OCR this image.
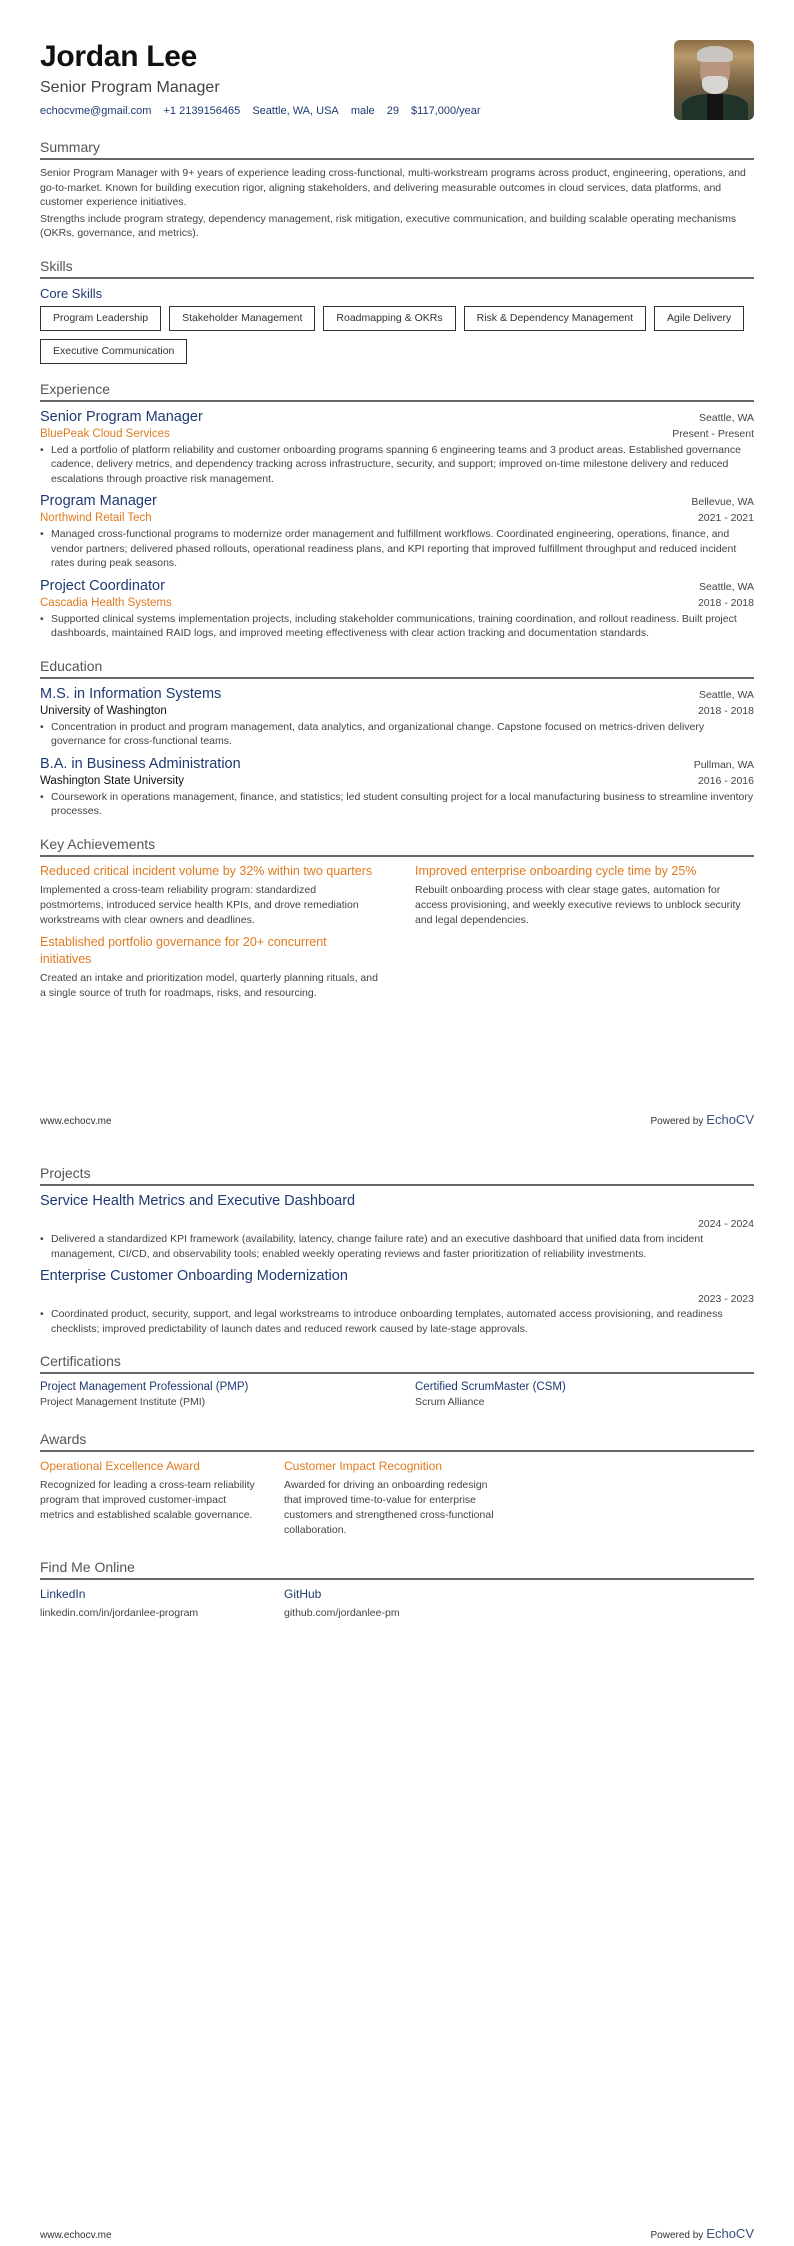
Jordan Lee
Senior Program Manager
echocvme@gmail.com +1 2139156465 Seattle, WA, USA male 29 $117,000/year
Summary

Senior Program Manager with 9+ years of experience leading cross-functional, multi-workstream programs across product, engineering, operations, and go-to-market. Known for building execution rigor, aligning stakeholders, and delivering measurable outcomes in cloud services, data platforms, and customer experience initiatives.

Strengths include program strategy, dependency management, risk mitigation, executive communication, and building scalable operating mechanisms (OKRs, governance, and metrics).

Skills
Core Skills
Program Leadership	Stakeholder Management	Roadmapping & OKRs	Risk & Dependency Management	Agile Delivery
Executive Communication
Experience
Senior Program Manager	Seattle, WA
BluePeak Cloud Services	Present - Present
• Led a portfolio of platform reliability and customer onboarding programs spanning 6 engineering teams and 3 product areas. Established governance cadence, delivery metrics, and dependency tracking across infrastructure, security, and support; improved on-time milestone delivery and reduced escalations through proactive risk management.
Program Manager	Bellevue, WA
Northwind Retail Tech	2021 - 2021
• Managed cross-functional programs to modernize order management and fulfillment workflows. Coordinated engineering, operations, finance, and vendor partners; delivered phased rollouts, operational readiness plans, and KPI reporting that improved fulfillment throughput and reduced incident rates during peak seasons.
Project Coordinator	Seattle, WA
Cascadia Health Systems	2018 - 2018
• Supported clinical systems implementation projects, including stakeholder communications, training coordination, and rollout readiness. Built project dashboards, maintained RAID logs, and improved meeting effectiveness with clear action tracking and documentation standards.
Education
M.S. in Information Systems	Seattle, WA
University of Washington	2018 - 2018
• Concentration in product and program management, data analytics, and organizational change. Capstone focused on metrics-driven delivery governance for cross-functional teams.
B.A. in Business Administration	Pullman, WA
Washington State University	2016 - 2016
• Coursework in operations management, finance, and statistics; led student consulting project for a local manufacturing business to streamline inventory processes.
Key Achievements
Reduced critical incident volume by 32% within two quarters
Implemented a cross-team reliability program: standardized postmortems, introduced service health KPIs, and drove remediation workstreams with clear owners and deadlines.
Established portfolio governance for 20+ concurrent initiatives
Created an intake and prioritization model, quarterly planning rituals, and a single source of truth for roadmaps, risks, and resourcing.
Improved enterprise onboarding cycle time by 25%
Rebuilt onboarding process with clear stage gates, automation for access provisioning, and weekly executive reviews to unblock security and legal dependencies.
www.echocv.me	Powered by EchoCV
Projects
Service Health Metrics and Executive Dashboard
2024 - 2024
• Delivered a standardized KPI framework (availability, latency, change failure rate) and an executive dashboard that unified data from incident management, CI/CD, and observability tools; enabled weekly operating reviews and faster prioritization of reliability investments.
Enterprise Customer Onboarding Modernization
2023 - 2023
• Coordinated product, security, support, and legal workstreams to introduce onboarding templates, automated access provisioning, and readiness checklists; improved predictability of launch dates and reduced rework caused by late-stage approvals.
Certifications
Project Management Professional (PMP)
Project Management Institute (PMI)
Certified ScrumMaster (CSM)
Scrum Alliance
Awards
Operational Excellence Award
Recognized for leading a cross-team reliability program that improved customer-impact metrics and established scalable governance.
Customer Impact Recognition
Awarded for driving an onboarding redesign that improved time-to-value for enterprise customers and strengthened cross-functional collaboration.
Find Me Online
LinkedIn
linkedin.com/in/jordanlee-program
GitHub
github.com/jordanlee-pm
www.echocv.me	Powered by EchoCV
